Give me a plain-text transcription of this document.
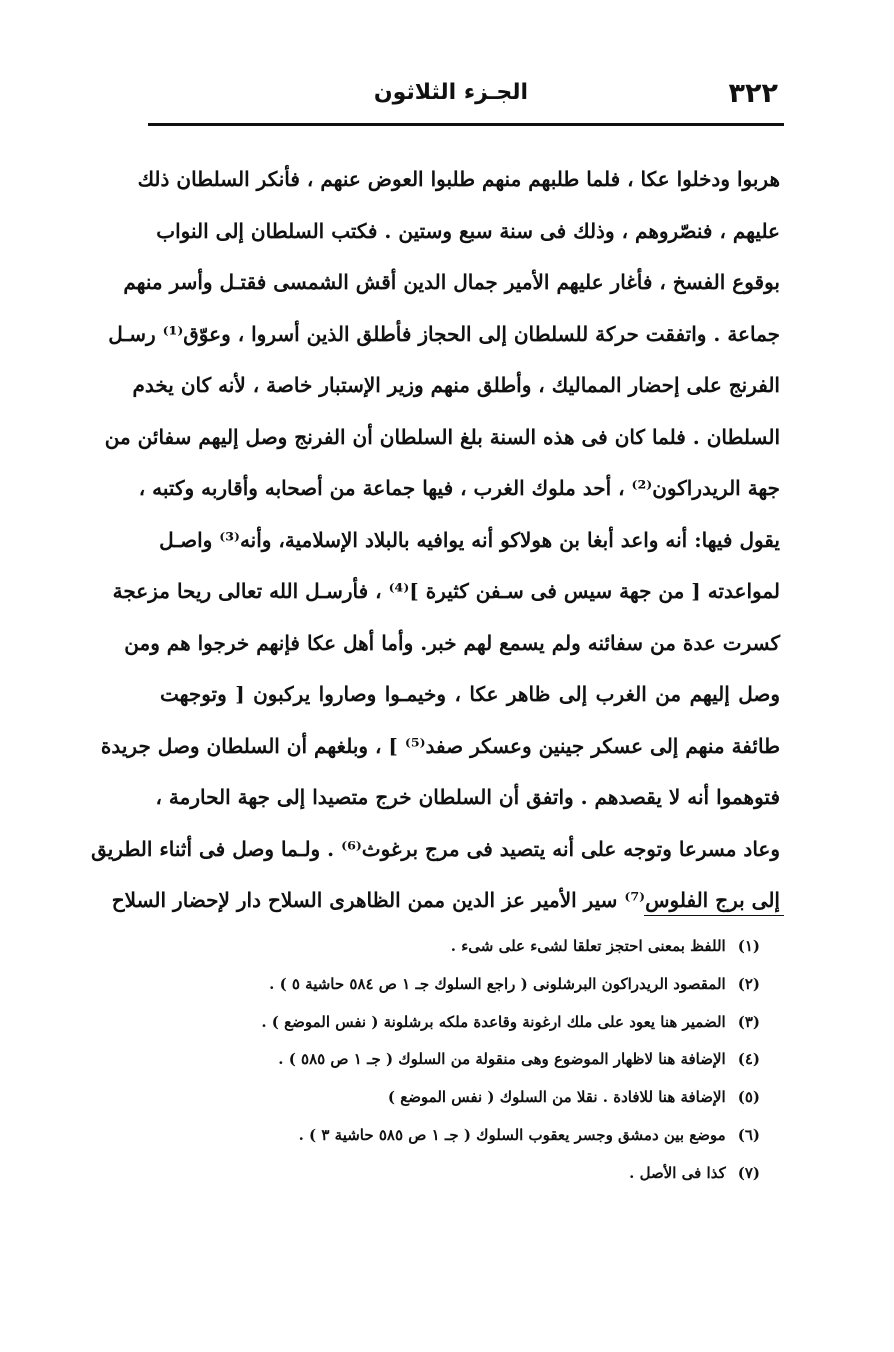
٣٢٢
الجـزء الثلاثون
هربوا ودخلوا عكا ، فلما طلبهم منهم طلبوا العوض عنهم ، فأنكر السلطان ذلك
عليهم ، فنصّروهم ، وذلك فى سنة سبع وستين . فكتب السلطان إلى النواب
بوقوع الفسخ ، فأغار عليهم الأمير جمال الدين أقش الشمسى فقتـل وأسر منهم
جماعة . واتفقت حركة للسلطان إلى الحجاز فأطلق الذين أسروا ، وعوّق⁽¹⁾ رسـل
الفرنج على إحضار المماليك ، وأطلق منهم وزير الإستبار خاصة ، لأنه كان يخدم
السلطان . فلما كان فى هذه السنة بلغ السلطان أن الفرنج وصل إليهم سفائن من
جهة الريدراكون⁽²⁾ ، أحد ملوك الغرب ، فيها جماعة من أصحابه وأقاربه وكتبه ،
يقول فيها: أنه واعد أبغا بن هولاكو أنه يوافيه بالبلاد الإسلامية، وأنه⁽³⁾ واصـل
لمواعدته [ من جهة سيس فى سـفن كثيرة ]⁽⁴⁾ ، فأرسـل الله تعالى ريحا مزعجة
كسرت عدة من سفائنه ولم يسمع لهم خبر. وأما أهل عكا فإنهم خرجوا هم ومن
وصل إليهم من الغرب إلى ظاهر عكا ، وخيمـوا وصاروا يركبون [ وتوجهت
طائفة منهم إلى عسكر جينين وعسكر صفد⁽⁵⁾ ] ، وبلغهم أن السلطان وصل جريدة
فتوهموا أنه لا يقصدهم . واتفق أن السلطان خرج متصيدا إلى جهة الحارمة ،
وعاد مسرعا وتوجه على أنه يتصيد فى مرج برغوث⁽⁶⁾ . ولـما وصل فى أثناء الطريق
إلى برج الفلوس⁽⁷⁾ سير الأمير عز الدين ممن الظاهرى السلاح دار لإحضار السلاح
(١)اللفظ بمعنى احتجز تعلقا لشىء على شىء .
(٢)المقصود الريدراكون البرشلونى ( راجع السلوك جـ ١ ص ٥٨٤ حاشية ٥ ) .
(٣)الضمير هنا يعود على ملك ارغونة وقاعدة ملكه برشلونة ( نفس الموضع ) .
(٤)الإضافة هنا لاظهار الموضوع وهى منقولة من السلوك ( جـ ١ ص ٥٨٥ ) .
(٥)الإضافة هنا للافادة . نقلا من السلوك ( نفس الموضع )
(٦)موضع بين دمشق وجسر يعقوب السلوك ( جـ ١ ص ٥٨٥ حاشية ٣ ) .
(٧)كذا فى الأصل .
